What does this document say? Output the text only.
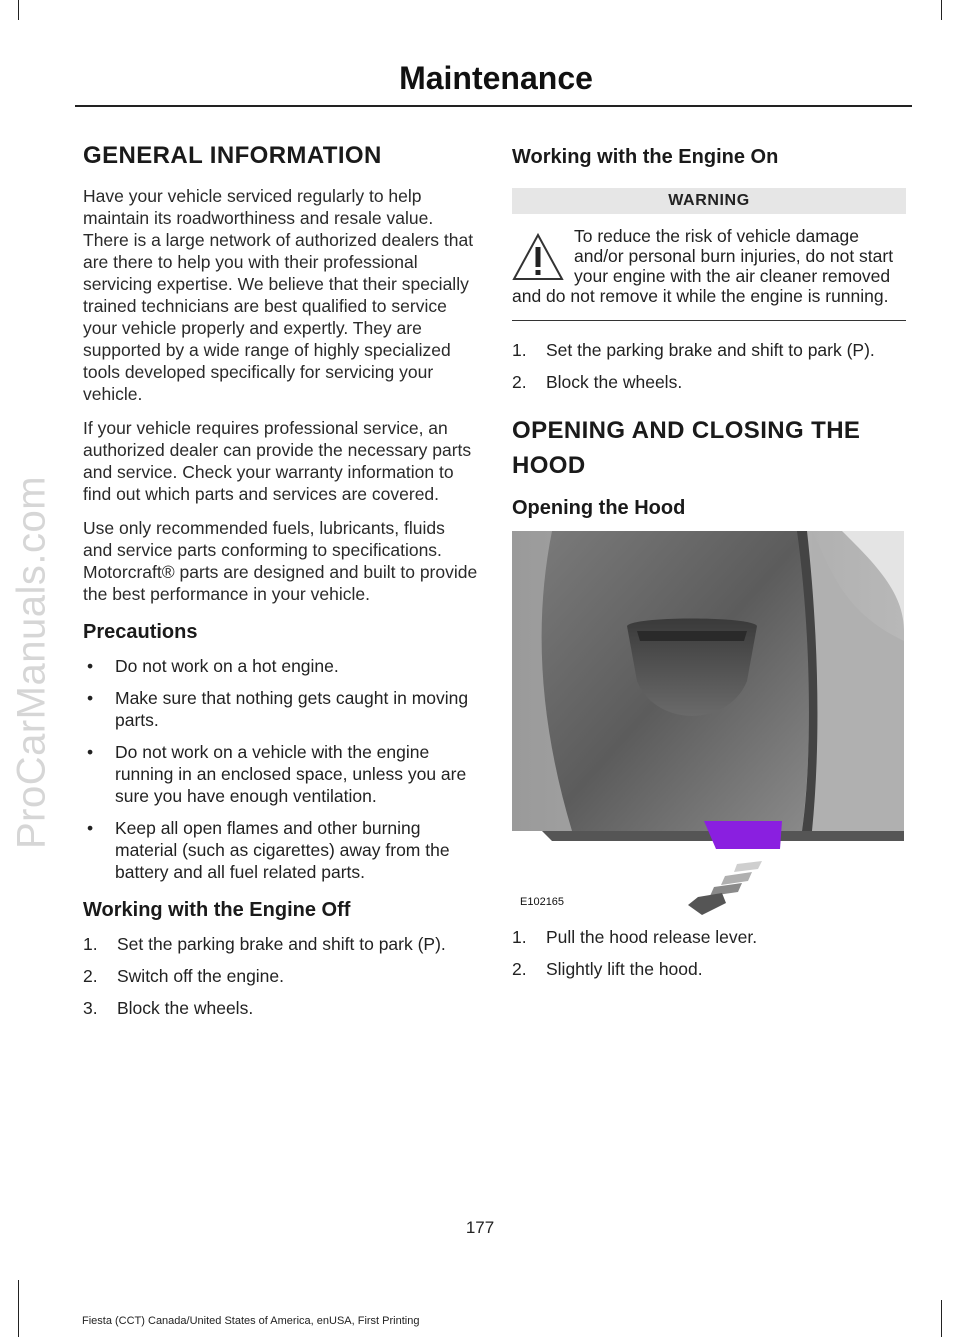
ProCarManuals.com
Maintenance
GENERAL INFORMATION

Have your vehicle serviced regularly to help maintain its roadworthiness and resale value. There is a large network of authorized dealers that are there to help you with their professional servicing expertise. We believe that their specially trained technicians are best qualified to service your vehicle properly and expertly. They are supported by a wide range of highly specialized tools developed specifically for servicing your vehicle.

If your vehicle requires professional service, an authorized dealer can provide the necessary parts and service. Check your warranty information to find out which parts and services are covered.

Use only recommended fuels, lubricants, fluids and service parts conforming to specifications. Motorcraft® parts are designed and built to provide the best performance in your vehicle.

Precautions
• Do not work on a hot engine.
• Make sure that nothing gets caught in moving parts.
• Do not work on a vehicle with the engine running in an enclosed space, unless you are sure you have enough ventilation.
• Keep all open flames and other burning material (such as cigarettes) away from the battery and all fuel related parts.
Working with the Engine Off
1. Set the parking brake and shift to park (P).
2. Switch off the engine.
3. Block the wheels.
Working with the Engine On
WARNING
To reduce the risk of vehicle damage and/or personal burn injuries, do not start your engine with the air cleaner removed and do not remove it while the engine is running.
1. Set the parking brake and shift to park (P).
2. Block the wheels.
OPENING AND CLOSING THE
HOOD
Opening the Hood
E102165
1. Pull the hood release lever.
2. Slightly lift the hood.
177
Fiesta (CCT) Canada/United States of America, enUSA, First Printing
